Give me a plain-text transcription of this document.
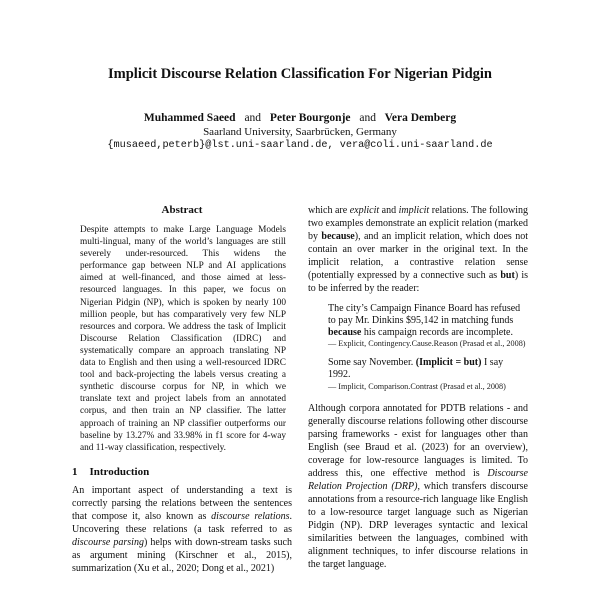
Implicit Discourse Relation Classification For Nigerian Pidgin
Muhammed Saeed and Peter Bourgonje and Vera Demberg
Saarland University, Saarbrücken, Germany
{musaeed,peterb}@lst.uni-saarland.de, vera@coli.uni-saarland.de
Abstract
Despite attempts to make Large Language Models multi-lingual, many of the world’s languages are still severely under-resourced. This widens the performance gap between NLP and AI applications aimed at well-financed, and those aimed at less-resourced languages. In this paper, we focus on Nigerian Pidgin (NP), which is spoken by nearly 100 million people, but has comparatively very few NLP resources and corpora. We address the task of Implicit Discourse Relation Classification (IDRC) and systematically compare an approach translating NP data to English and then using a well-resourced IDRC tool and back-projecting the labels versus creating a synthetic discourse corpus for NP, in which we translate text and project labels from an annotated corpus, and then train an NP classifier. The latter approach of training an NP classifier outperforms our baseline by 13.27% and 33.98% in f1 score for 4-way and 11-way classification, respectively.
1 Introduction

An important aspect of understanding a text is correctly parsing the relations between the sentences that compose it, also known as discourse relations. Uncovering these relations (a task referred to as discourse parsing) helps with down-stream tasks such as argument mining (Kirschner et al., 2015), summarization (Xu et al., 2020; Dong et al., 2021)

which are explicit and implicit relations. The following two examples demonstrate an explicit relation (marked by because), and an implicit relation, which does not contain an over marker in the original text. In the implicit relation, a contrastive relation sense (potentially expressed by a connective such as but) is to be inferred by the reader:

The city’s Campaign Finance Board has refused to pay Mr. Dinkins $95,142 in matching funds because his campaign records are incomplete.
— Explicit, Contingency.Cause.Reason (Prasad et al., 2008)
Some say November. (Implicit = but) I say 1992.
— Implicit, Comparison.Contrast (Prasad et al., 2008)

Although corpora annotated for PDTB relations - and generally discourse relations following other discourse parsing frameworks - exist for languages other than English (see Braud et al. (2023) for an overview), coverage for low-resource languages is limited. To address this, one effective method is Discourse Relation Projection (DRP), which transfers discourse annotations from a resource-rich language like English to a low-resource target language such as Nigerian Pidgin (NP). DRP leverages syntactic and lexical similarities between the languages, combined with alignment techniques, to infer discourse relations in the target language.
